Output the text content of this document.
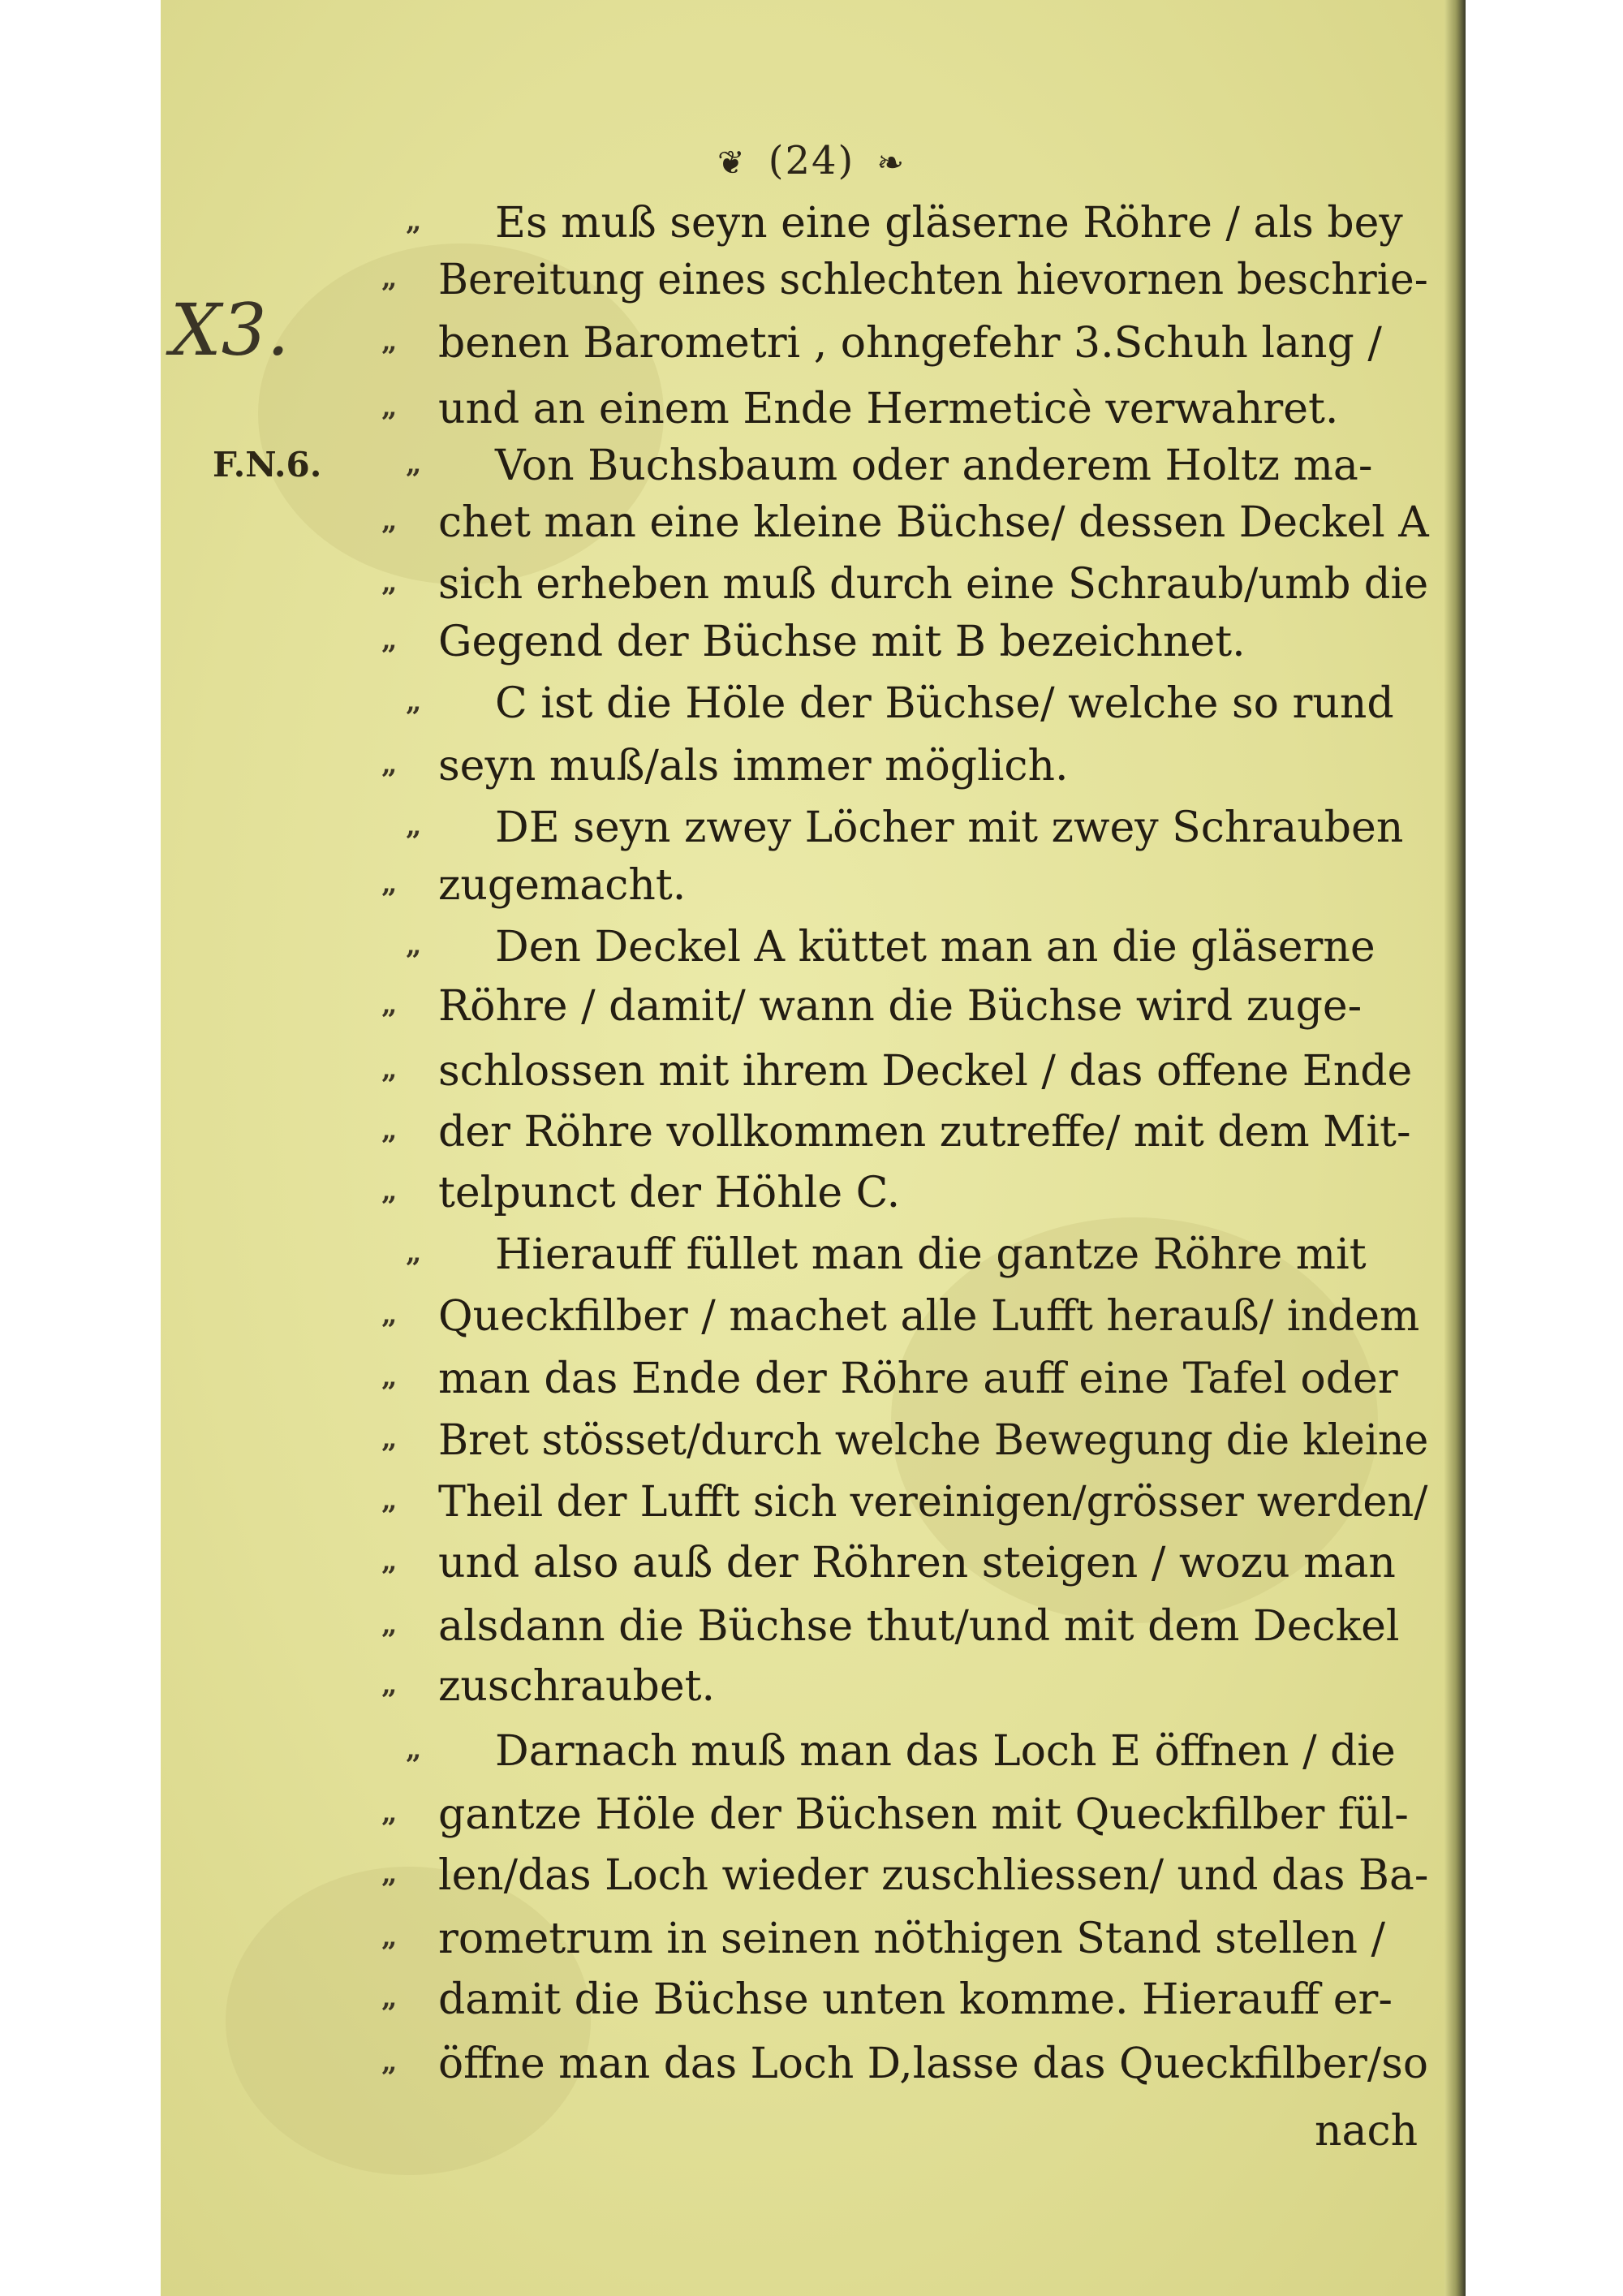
❦ (24) ❧
X3.
F.N.6.
„ Es muß seyn eine gläserne Röhre / als bey
„ Bereitung eines schlechten hievornen beschrie-
„ benen Barometri , ohngefehr 3.Schuh lang /
„ und an einem Ende Hermeticè verwahret.
„ Von Buchsbaum oder anderem Holtz ma-
„ chet man eine kleine Büchse/ dessen Deckel A
„ sich erheben muß durch eine Schraub/umb die
„ Gegend der Büchse mit B bezeichnet.
„ C ist die Höle der Büchse/ welche so rund
„ seyn muß/als immer möglich.
„ DE seyn zwey Löcher mit zwey Schrauben
„ zugemacht.
„ Den Deckel A küttet man an die gläserne
„ Röhre / damit/ wann die Büchse wird zuge-
„ schlossen mit ihrem Deckel / das offene Ende
„ der Röhre vollkommen zutreffe/ mit dem Mit-
„ telpunct der Höhle C.
„ Hierauff füllet man die gantze Röhre mit
„ Queckfilber / machet alle Lufft herauß/ indem
„ man das Ende der Röhre auff eine Tafel oder
„ Bret stösset/durch welche Bewegung die kleine
„ Theil der Lufft sich vereinigen/grösser werden/
„ und also auß der Röhren steigen / wozu man
„ alsdann die Büchse thut/und mit dem Deckel
„ zuschraubet.
„ Darnach muß man das Loch E öffnen / die
„ gantze Höle der Büchsen mit Queckfilber fül-
„ len/das Loch wieder zuschliessen/ und das Ba-
„ rometrum in seinen nöthigen Stand stellen /
„ damit die Büchse unten komme. Hierauff er-
„ öffne man das Loch D,lasse das Queckfilber/so
nach
